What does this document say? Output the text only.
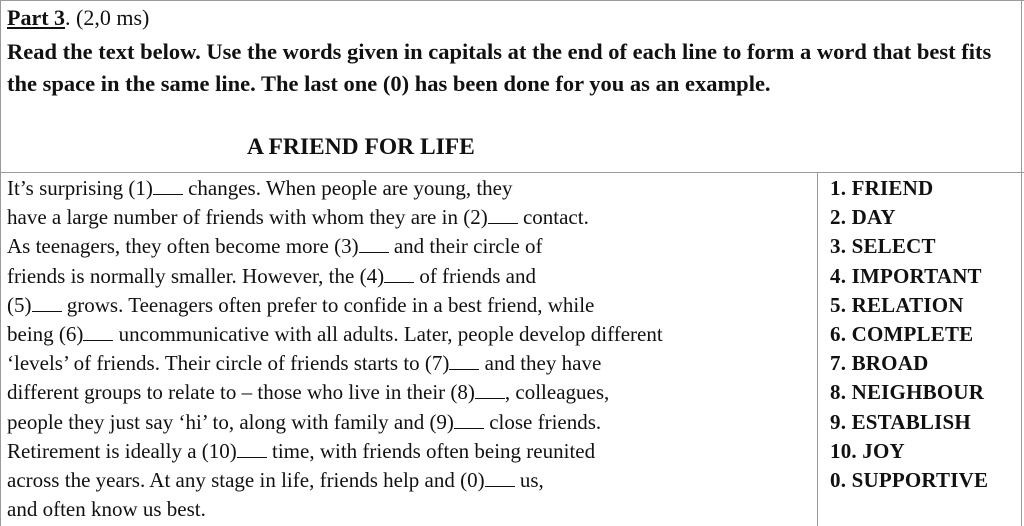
Part 3. (2,0 ms)
Read the text below. Use the words given in capitals at the end of each line to form a word that best fits the space in the same line. The last one (0) has been done for you as an example.
A FRIEND FOR LIFE
It’s surprising (1) changes. When people are young, they
have a large number of friends with whom they are in (2) contact.
As teenagers, they often become more (3) and their circle of
friends is normally smaller. However, the (4) of friends and
(5) grows. Teenagers often prefer to confide in a best friend, while
being (6) uncommunicative with all adults. Later, people develop different
‘levels’ of friends. Their circle of friends starts to (7) and they have
different groups to relate to – those who live in their (8) , colleagues,
people they just say ‘hi’ to, along with family and (9) close friends.
Retirement is ideally a (10) time, with friends often being reunited
across the years. At any stage in life, friends help and (0) us,
and often know us best.
1. FRIEND
2. DAY
3. SELECT
4. IMPORTANT
5. RELATION
6. COMPLETE
7. BROAD
8. NEIGHBOUR
9. ESTABLISH
10. JOY
0. SUPPORTIVE
